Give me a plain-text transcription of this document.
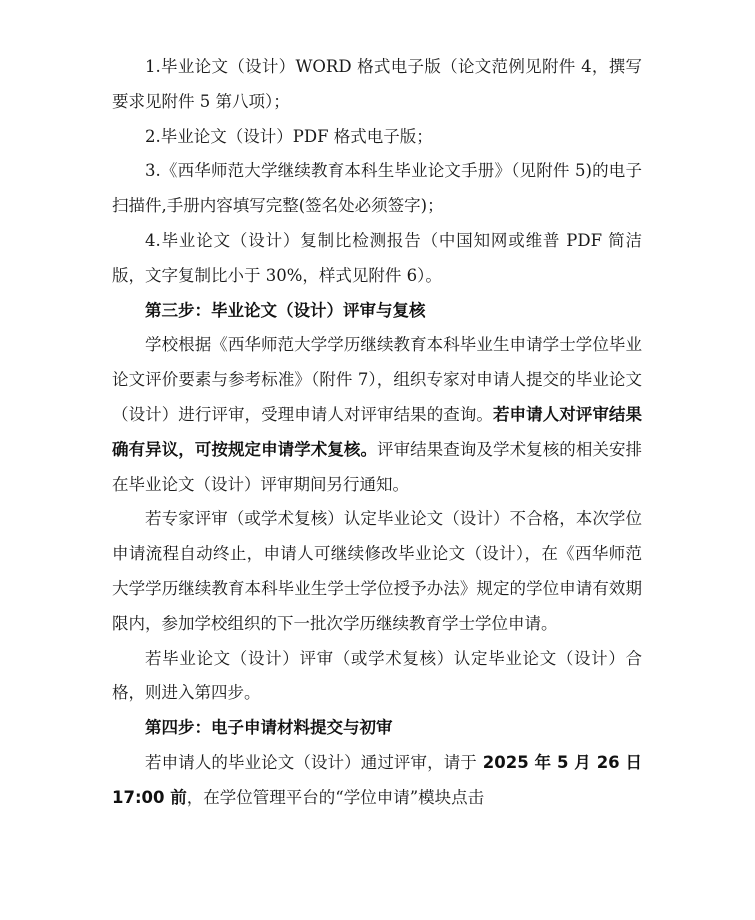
1.毕业论文（设计）WORD 格式电子版（论文范例见附件 4，撰写要求见附件 5 第八项）；

2.毕业论文（设计）PDF 格式电子版；

3.《西华师范大学继续教育本科生毕业论文手册》（见附件 5)的电子扫描件,手册内容填写完整(签名处必须签字)；

4.毕业论文（设计）复制比检测报告（中国知网或维普 PDF 简洁版，文字复制比小于 30%，样式见附件 6）。

第三步：毕业论文（设计）评审与复核

学校根据《西华师范大学学历继续教育本科毕业生申请学士学位毕业论文评价要素与参考标准》（附件 7），组织专家对申请人提交的毕业论文（设计）进行评审，受理申请人对评审结果的查询。若申请人对评审结果确有异议，可按规定申请学术复核。评审结果查询及学术复核的相关安排在毕业论文（设计）评审期间另行通知。

若专家评审（或学术复核）认定毕业论文（设计）不合格，本次学位申请流程自动终止，申请人可继续修改毕业论文（设计），在《西华师范大学学历继续教育本科毕业生学士学位授予办法》规定的学位申请有效期限内，参加学校组织的下一批次学历继续教育学士学位申请。

若毕业论文（设计）评审（或学术复核）认定毕业论文（设计）合格，则进入第四步。

第四步：电子申请材料提交与初审

若申请人的毕业论文（设计）通过评审，请于 2025 年 5 月 26 日 17:00 前，在学位管理平台的“学位申请”模块点击
